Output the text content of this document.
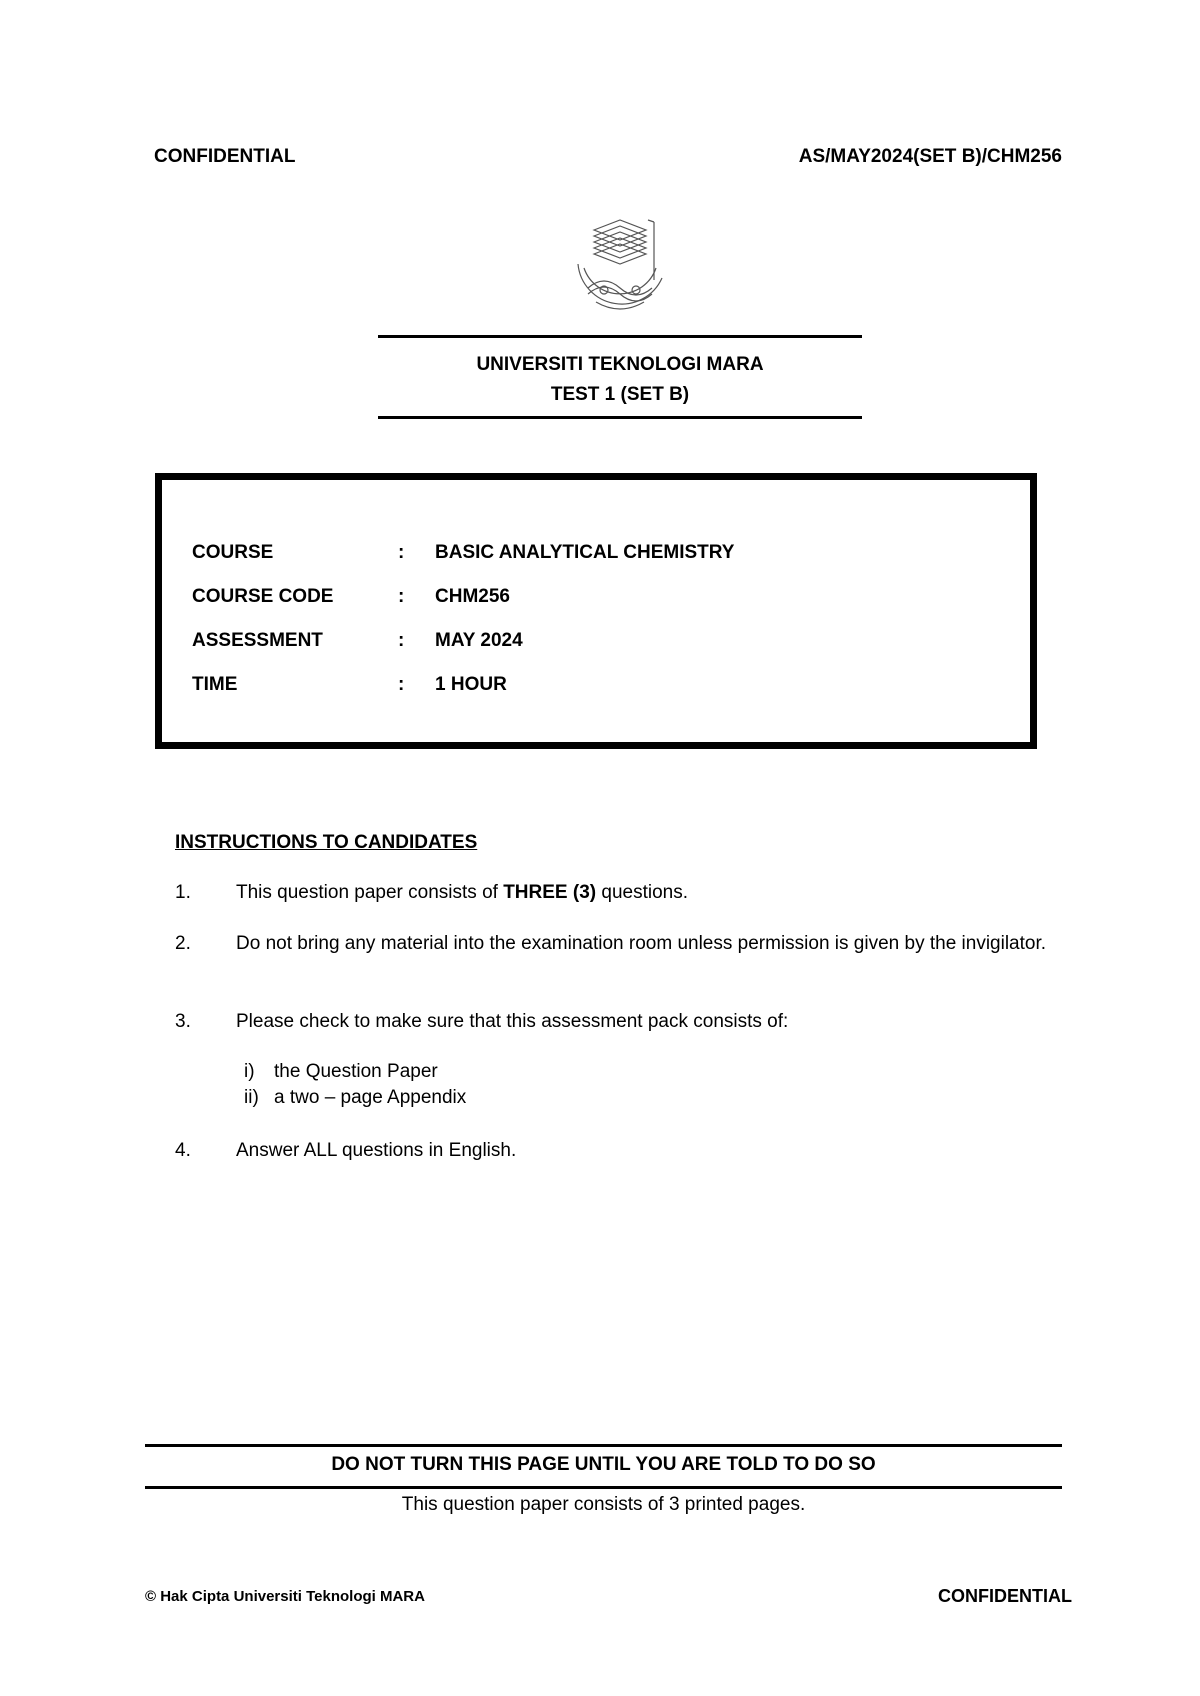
CONFIDENTIAL	AS/MAY2024(SET B)/CHM256
UNIVERSITI TEKNOLOGI MARA
TEST 1 (SET B)
COURSE	:	BASIC ANALYTICAL CHEMISTRY
COURSE CODE	:	CHM256
ASSESSMENT	:	MAY 2024
TIME	:	1 HOUR
INSTRUCTIONS TO CANDIDATES
1.	This question paper consists of THREE (3) questions.
2.	Do not bring any material into the examination room unless permission is given by the invigilator.
3.	Please check to make sure that this assessment pack consists of:
i)	the Question Paper
ii) a two – page Appendix
4.	Answer ALL questions in English.
DO NOT TURN THIS PAGE UNTIL YOU ARE TOLD TO DO SO
This question paper consists of 3 printed pages.
© Hak Cipta Universiti Teknologi MARA	CONFIDENTIAL
